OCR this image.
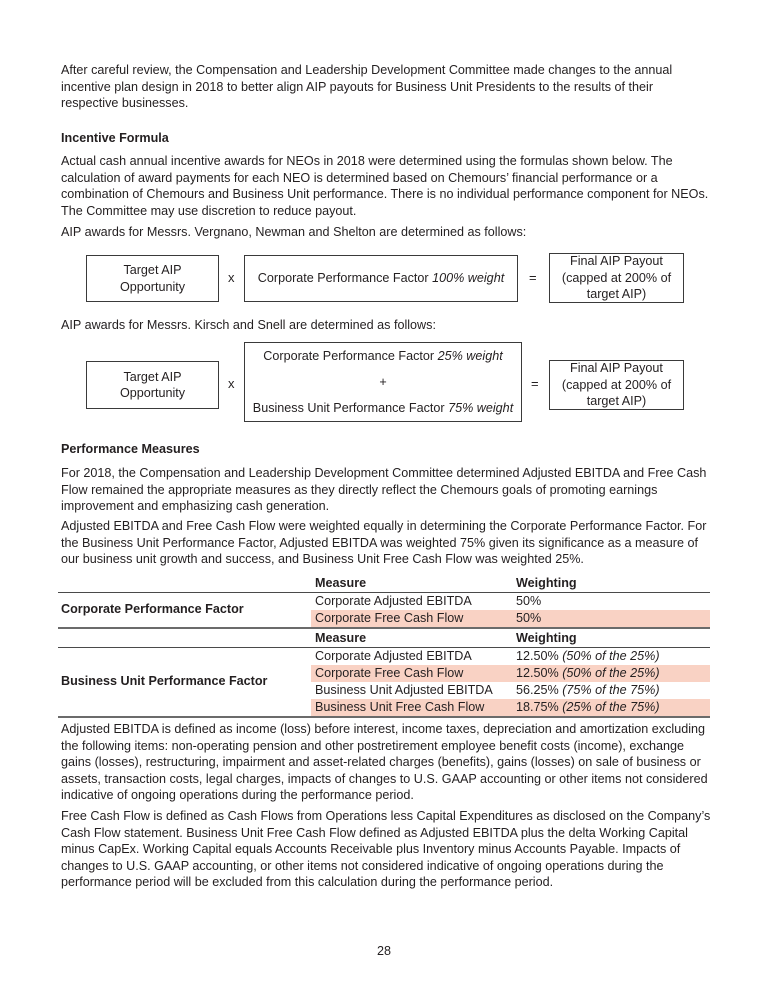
After careful review, the Compensation and Leadership Development Committee made changes to the annual incentive plan design in 2018 to better align AIP payouts for Business Unit Presidents to the results of their respective businesses.

Incentive Formula

Actual cash annual incentive awards for NEOs in 2018 were determined using the formulas shown below. The calculation of award payments for each NEO is determined based on Chemours’ financial performance or a combination of Chemours and Business Unit performance. There is no individual performance component for NEOs. The Committee may use discretion to reduce payout.

AIP awards for Messrs. Vergnano, Newman and Shelton are determined as follows:

Target AIP Opportunity
x Corporate Performance Factor 100% weight =
Final AIP Payout (capped at 200% of target AIP)

AIP awards for Messrs. Kirsch and Snell are determined as follows:

Target AIP Opportunity
x
Corporate Performance Factor 25% weight
+
Business Unit Performance Factor 75% weight
=
Final AIP Payout (capped at 200% of target AIP)
Performance Measures

For 2018, the Compensation and Leadership Development Committee determined Adjusted EBITDA and Free Cash Flow remained the appropriate measures as they directly reflect the Chemours goals of promoting earnings improvement and emphasizing cash generation.

Adjusted EBITDA and Free Cash Flow were weighted equally in determining the Corporate Performance Factor. For the Business Unit Performance Factor, Adjusted EBITDA was weighted 75% given its significance as a measure of our business unit growth and success, and Business Unit Free Cash Flow was weighted 25%.

Measure	Weighting
Corporate Adjusted EBITDA	50%
Corporate Free Cash Flow	50%
Corporate Performance Factor
Measure	Weighting
Corporate Adjusted EBITDA	12.50% (50% of the 25%)
Corporate Free Cash Flow	12.50% (50% of the 25%)
Business Unit Adjusted EBITDA 56.25% (75% of the 75%)
Business Unit Free Cash Flow	18.75% (25% of the 75%)
Business Unit Performance Factor

Adjusted EBITDA is defined as income (loss) before interest, income taxes, depreciation and amortization excluding the following items: non-operating pension and other postretirement employee benefit costs (income), exchange gains (losses), restructuring, impairment and asset-related charges (benefits), gains (losses) on sale of business or assets, transaction costs, legal charges, impacts of changes to U.S. GAAP accounting or other items not considered indicative of ongoing operations during the performance period.

Free Cash Flow is defined as Cash Flows from Operations less Capital Expenditures as disclosed on the Company’s Cash Flow statement. Business Unit Free Cash Flow defined as Adjusted EBITDA plus the delta Working Capital minus CapEx. Working Capital equals Accounts Receivable plus Inventory minus Accounts Payable. Impacts of changes to U.S. GAAP accounting, or other items not considered indicative of ongoing operations during the performance period will be excluded from this calculation during the performance period.

28
